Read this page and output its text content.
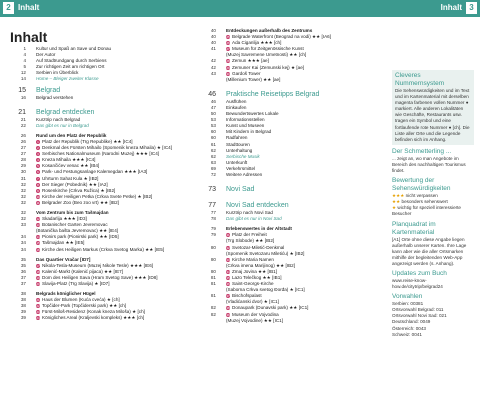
2 Inhalt	Inhalt 3
Inhalt
1	Kultur und Spaß an Save und Donau
4	Der Autor
4	Auf Stadtrundgang durch Serbiens
5	Zur richtigen Zeit am richtigen Ort
12	Serbien im Überblick
14	Home – Bleiger zweiter Klasse
15	Belgrad
16	Belgrad verstehen
21	Belgrad entdecken
21	Kurztrip nach Belgrad
22	Das gibt es nur in Belgrad
26	Rund um den Platz der Republik
26	1 Platz der Republik (Trg Republike) ★★ [IC4]
27	2 Denkmal des Fürsten Mihailo (Spomenik kneza Mihaila) ★ [IC4]
27	3 Serbisches Nationalmuseum (Narodni Muzej) ★★★ [IC4]
28	4 Knezа Mihaila ★★★ [IC4]
29	5 Kosančićev venac ★★ [IB4]
30	6 Park- und Festungsanlage Kalemegdan ★★★ [IA3]
31	7 Uhrturm Sahat Kula ★ [IB2]
32	8 Der Sieger (Pobednik) ★★ [IA2]
32	9 Rosenkirche (Crkva Ružica) ★ [IB2]
32	10 Kirche der Heiligen Petka (Crkva Svete Petke) ★ [IB2]
32	11 Belgrader Zoo (Beo zoo vrt) ★★ [IB2]
32	Vom Zentrum bis zum Tašmajdan
32	12 Skadarlija ★★★ [ID3]
33	13 Botanischer Garten Jevremovac
(Botanička bašta Jevremovac) ★★ [IE4]
34	14 Pionirs park (Pionirski park) ★★ [ID5]
34	15 Tašmajdan ★★ [IE5]
34	16 Kirche des Heiligen Markus (Crkva Svetog Marka) ★★ [IE5]
35	Das Quartier Vračar [ID7]
35	17 Nikola-Tesla-Museum (Muzej Nikole Tesle) ★★★ [IE6]
36	18 Kalenić-Markt (Kalenić pijaca) ★★ [IE7]
37	19 Dom des Heiligen Sava (Hram Svetog Save) ★★★ [ID8]
37	20 Slavija-Platz (Trg Slavija) ★ [ID7]
38	Belgrads königlicher Hügel
38	21 Haus der Blumen (Kuća cveća) ★ [ch]
38	22 Topčider-Park (Topčiderski park) ★★ [ch]
39	23 Fürst-Miloš-Residenz (Konak kneza Miloša) ★ [ch]
39	24 Königliches Areal (Kraljevski kompleks) ★★★ [ch]
40	Entdeckungen außerhalb des Zentrums
40	25 Belgrade Waterfront (Beograd na vodi) ★★ [IA6]
40	26 Ada Ciganlija ★★★ [ch]
41	27 Museum für Zeitgenössische Kunst
(Muzej Savremene Umetnosti) ★★ [ch]
42	28 Zemun ★★★ [ae]
42	29 Zemuner Kai (Zemunski kej) ★ [ae]
43	30 Gardoš Tower
(Millenium Tower) ★★ [ae]
46	Praktische Reisetipps Belgrad
46	Ausflühen
47	Einkaufen
50	Bewundertswertes Lokale
53	Informationsstellen
53	Kunst und Museen
60	Mit Kindern in Belgrad
60	Radfahren
61	Stadttouren
62	Unterhaltung
62	Serbische Musik
63	Unterkunft
69	Verkehrsmittel
72	Weitere Adressen
73	Novi Sad
77	Novi Sad entdecken
77	Kurztrip nach Novi Sad
78	Das gibt es nur in Novi Sad
79	Erlebenswertes in der Altstadt
79	31 Platz der Freiheit
(Trg Slobode) ★★ [IB2]
80	32 Svetozar-Miletić-Denkmal
(Spomenik Svetozaru Miletiću) ★ [IB2]
80	33 Kirche Maria Namen
(Crkva imena Marijinog) ★★ [IB2]
80	34 Zmaj Jovina ★★ [IB1]
81	35 Lazo Telečkog ★★ [IB1]
81	36 Saint-Georgs-Kirche
(Saborna Crkva svetog Đorđa) ★ [IC1]
81	37 Bischofspalast
(Vladićanski dvor) ★ [IC1]
82	38 Donaupark (Dunavski park) ★★ [IC1]
82	39 Museum der Vojvodina
(Muzej Vojvodine) ★★ [IC1]
Cleveres Nummernsystem

Die Sehenswürdigkeiten und im Text und im Kartenmaterial mit derselben magenta farbenen vollen Nummer ● markiert. Alle anderen Lokalitäten wie Geschäfte, Restaurants usw. tragen ein Symbol und eine fortlaufende rote Nummer ● [ch]. Die Liste aller Orte und die Legende befinden sich im Anhang.

Der Schmetterling ...

... zeigt an, wo man Angebote im Bereich des nachhaltigen Tourismus findet.

Bewertung der Sehenswürdigkeiten
★★★ nicht verpassen
★★ besonders sehenswert
★ wichtig für speziell interessierte Besucher
Planquadrat im Kartenmaterial

[A1] Orte ohne diese Angabe liegen außerhalb unserer Karten. Ihre Lage kann aber wie die aller Ortsmarken mithilfe der begleitenden Web-App angezeigt werden (s. Anhang).

Updates zum Buch

www.reise-know-how.de/citytrip/belgrad24

Vorwahlen
Serbien: 00381
Ortsvorwahl Belgrad: 011
Ortsvorwahl Novi Sad: 021
Deutschland: 0049
Österreich: 0043
Schweiz: 0041
